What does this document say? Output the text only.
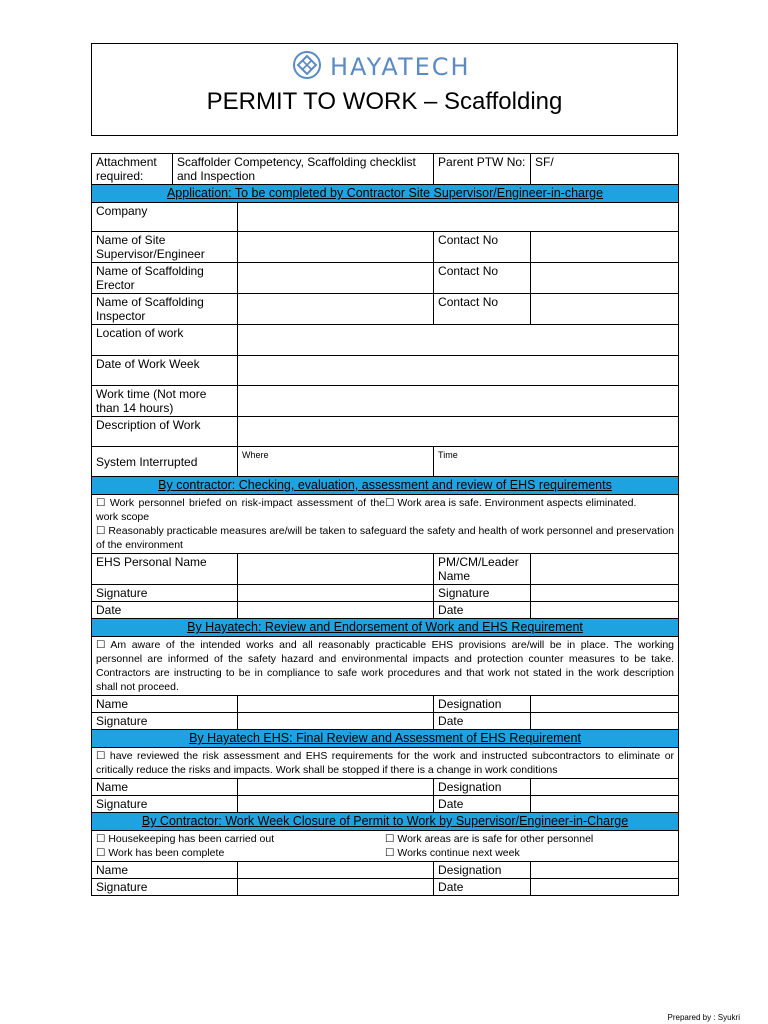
HAYATECH
PERMIT TO WORK – Scaffolding
Attachment required:	Scaffolder Competency, Scaffolding checklist and Inspection		Parent PTW No:	SF/
Application: To be completed by Contractor Site Supervisor/Engineer-in-charge				
Company				
Name of Site Supervisor/Engineer			Contact No	
Name of Scaffolding Erector			Contact No	
Name of Scaffolding Inspector			Contact No	
Location of work				
Date of Work Week				
Work time (Not more than 14 hours)				
Description of Work				
System Interrupted		Where	Time	
By contractor: Checking, evaluation, assessment and review of EHS requirements				

☐ Work personnel briefed on risk-impact assessment of the work scope
☐ Work area is safe. Environment aspects eliminated.
☐ Reasonably practicable measures are/will be taken to safeguard the safety and health of work personnel and preservation of the environment				

EHS Personal Name			PM/CM/Leader Name	
Signature			Signature	
Date			Date	
By Hayatech: Review and Endorsement of Work and EHS Requirement				
☐ Am aware of the intended works and all reasonably practicable EHS provisions are/will be in place. The working personnel are informed of the safety hazard and environmental impacts and protection counter measures to be take. Contractors are instructing to be in compliance to safe work procedures and that work not stated in the work description shall not proceed.				
Name			Designation	
Signature			Date	
By Hayatech EHS: Final Review and Assessment of EHS Requirement				
☐ have reviewed the risk assessment and EHS requirements for the work and instructed subcontractors to eliminate or critically reduce the risks and impacts. Work shall be stopped if there is a change in work conditions				
Name			Designation	
Signature			Date	
By Contractor: Work Week Closure of Permit to Work by Supervisor/Engineer-in-Charge				

☐ Housekeeping has been carried out ☐ Work areas are is safe for other personnel
☐ Work has been complete ☐ Works continue next week				

Name			Designation	
Signature			Date	
Prepared by : Syukri
